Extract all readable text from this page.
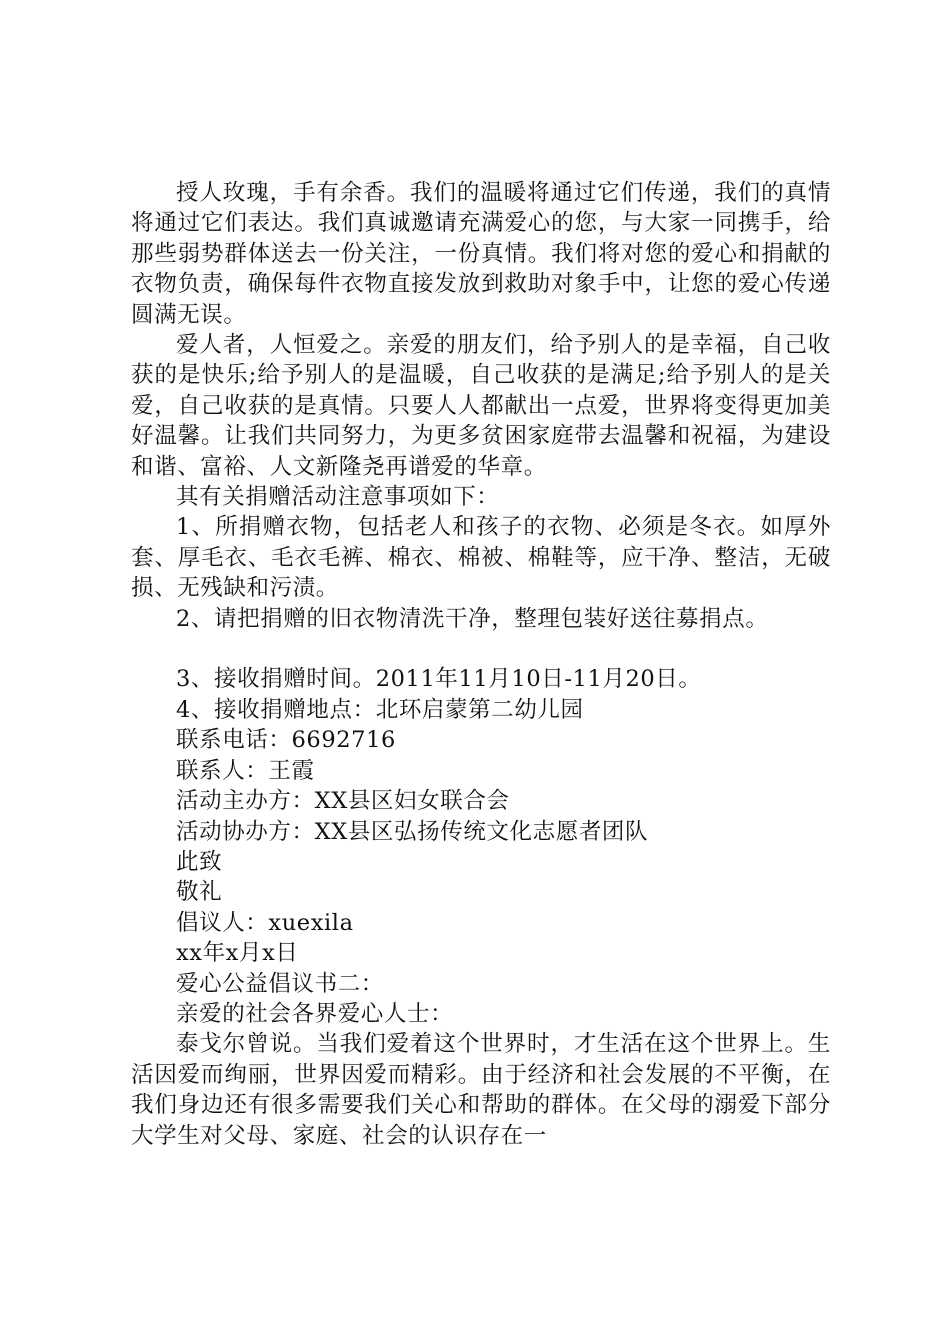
授人玫瑰，手有余香。我们的温暖将通过它们传递，我们的真情将通过它们表达。我们真诚邀请充满爱心的您，与大家一同携手，给那些弱势群体送去一份关注，一份真情。我们将对您的爱心和捐献的衣物负责，确保每件衣物直接发放到救助对象手中，让您的爱心传递圆满无误。

爱人者，人恒爱之。亲爱的朋友们，给予别人的是幸福，自己收获的是快乐;给予别人的是温暖，自己收获的是满足;给予别人的是关爱，自己收获的是真情。只要人人都献出一点爱，世界将变得更加美好温馨。让我们共同努力，为更多贫困家庭带去温馨和祝福，为建设和谐、富裕、人文新隆尧再谱爱的华章。

其有关捐赠活动注意事项如下：

1、所捐赠衣物，包括老人和孩子的衣物、必须是冬衣。如厚外套、厚毛衣、毛衣毛裤、棉衣、棉被、棉鞋等，应干净、整洁，无破损、无残缺和污渍。

2、请把捐赠的旧衣物清洗干净，整理包装好送往募捐点。

3、接收捐赠时间。2011年11月10日-11月20日。

4、接收捐赠地点：北环启蒙第二幼儿园

联系电话：6692716

联系人：王霞

活动主办方：XX县区妇女联合会

活动协办方：XX县区弘扬传统文化志愿者团队

此致

敬礼

倡议人：xuexila

xx年x月x日

爱心公益倡议书二：

亲爱的社会各界爱心人士：

泰戈尔曾说。当我们爱着这个世界时，才生活在这个世界上。生活因爱而绚丽，世界因爱而精彩。由于经济和社会发展的不平衡，在我们身边还有很多需要我们关心和帮助的群体。在父母的溺爱下部分大学生对父母、家庭、社会的认识存在一
